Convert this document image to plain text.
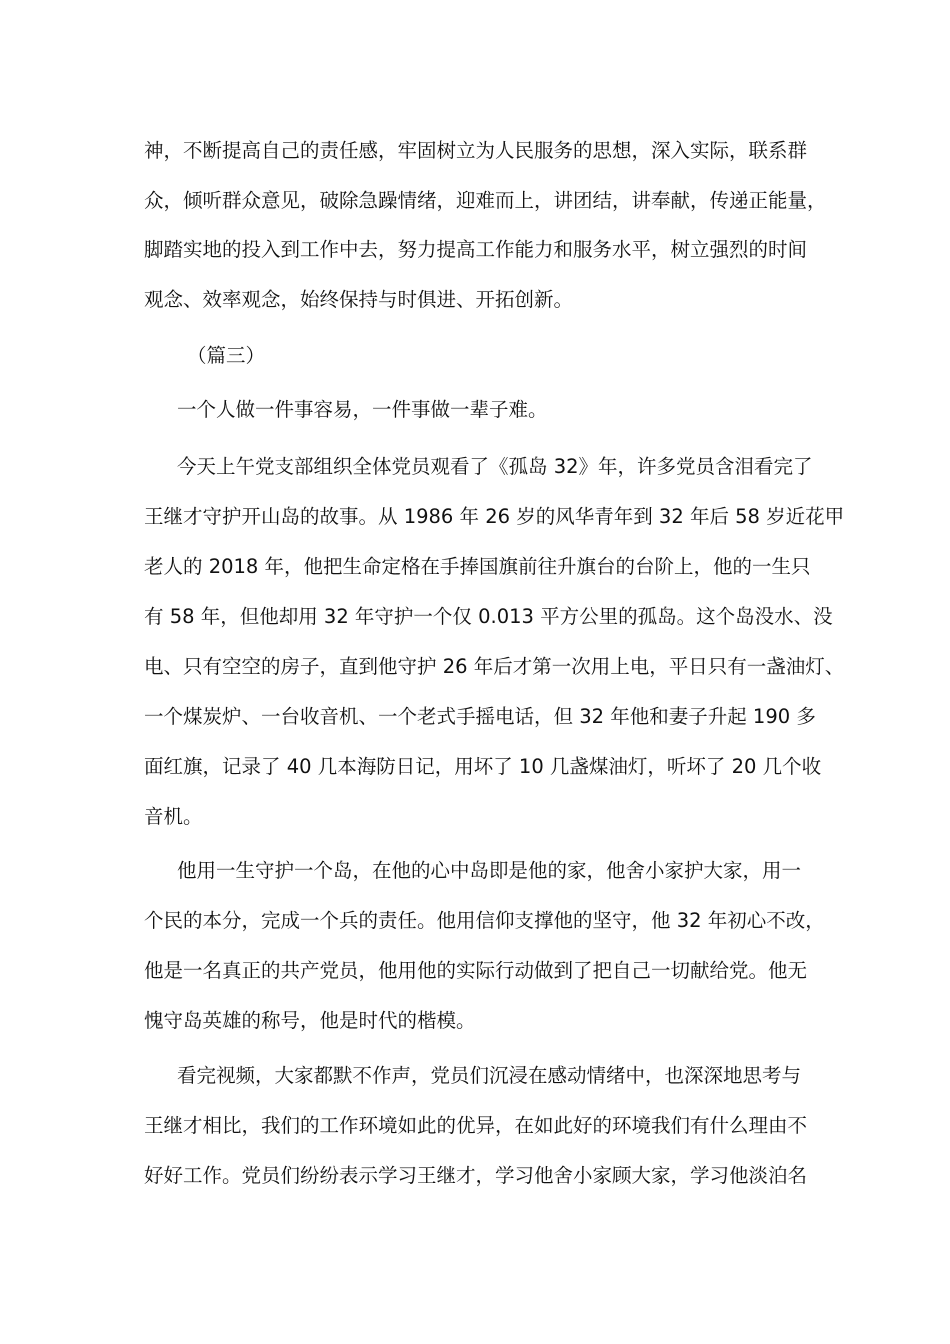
神，不断提高自己的责任感，牢固树立为人民服务的思想，深入实际，联系群

众，倾听群众意见，破除急躁情绪，迎难而上，讲团结，讲奉献，传递正能量，

脚踏实地的投入到工作中去，努力提高工作能力和服务水平，树立强烈的时间

观念、效率观念，始终保持与时俱进、开拓创新。

（篇三）

一个人做一件事容易，一件事做一辈子难。

今天上午党支部组织全体党员观看了《孤岛 32》年，许多党员含泪看完了

王继才守护开山岛的故事。从 1986 年 26 岁的风华青年到 32 年后 58 岁近花甲

老人的 2018 年，他把生命定格在手捧国旗前往升旗台的台阶上，他的一生只

有 58 年，但他却用 32 年守护一个仅 0.013 平方公里的孤岛。这个岛没水、没

电、只有空空的房子，直到他守护 26 年后才第一次用上电，平日只有一盏油灯、

一个煤炭炉、一台收音机、一个老式手摇电话，但 32 年他和妻子升起 190 多

面红旗，记录了 40 几本海防日记，用坏了 10 几盏煤油灯，听坏了 20 几个收

音机。

他用一生守护一个岛，在他的心中岛即是他的家，他舍小家护大家，用一

个民的本分，完成一个兵的责任。他用信仰支撑他的坚守，他 32 年初心不改，

他是一名真正的共产党员，他用他的实际行动做到了把自己一切献给党。他无

愧守岛英雄的称号，他是时代的楷模。

看完视频，大家都默不作声，党员们沉浸在感动情绪中，也深深地思考与

王继才相比，我们的工作环境如此的优异，在如此好的环境我们有什么理由不

好好工作。党员们纷纷表示学习王继才，学习他舍小家顾大家，学习他淡泊名
